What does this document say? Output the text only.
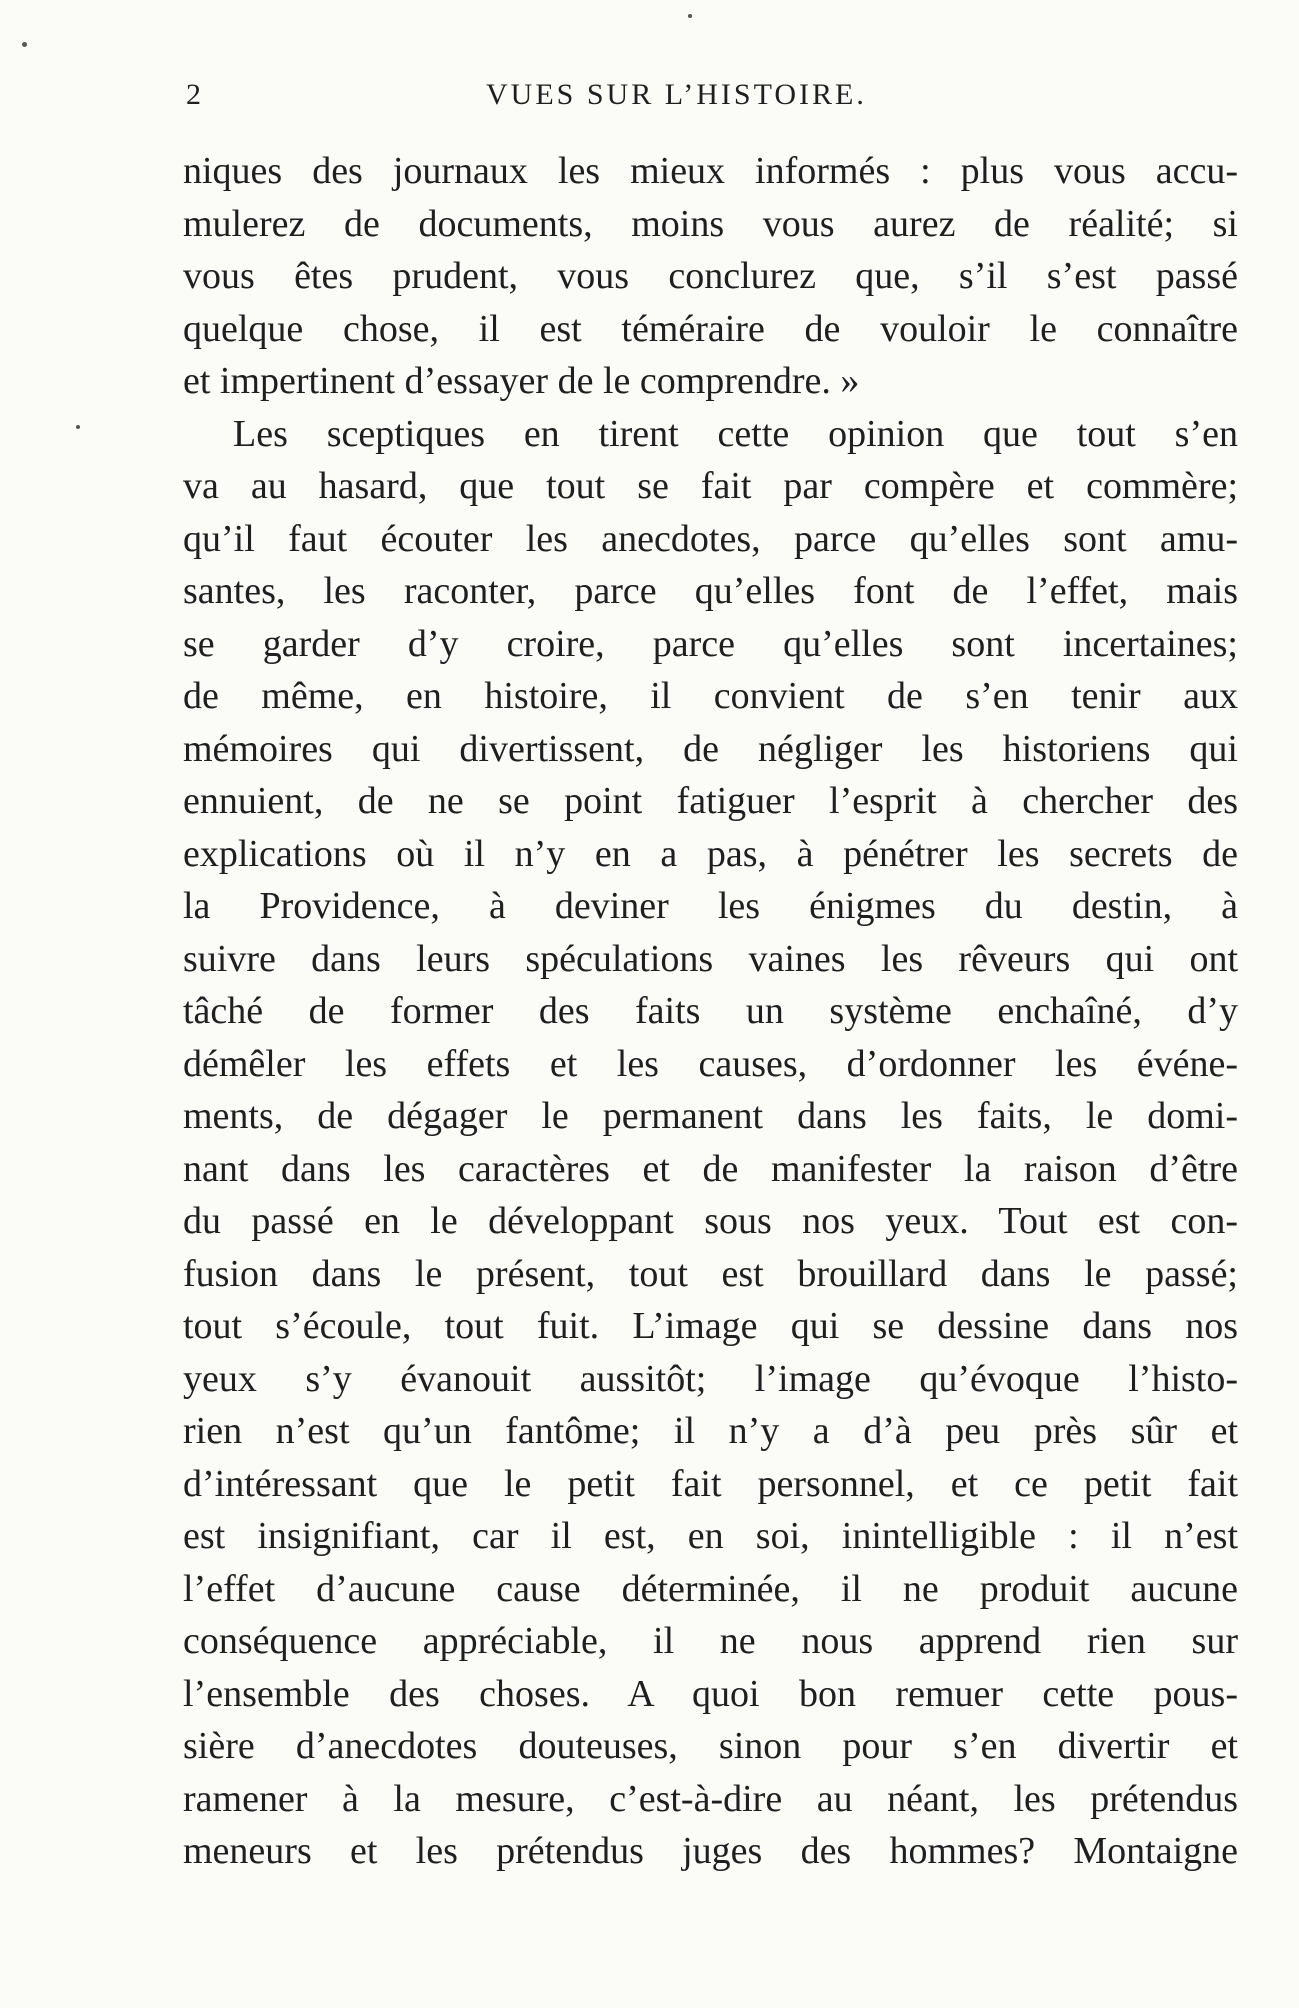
2	VUES SUR L’HISTOIRE.
niques des journaux les mieux informés : plus vous accu-
mulerez de documents, moins vous aurez de réalité; si
vous êtes prudent, vous conclurez que, s’il s’est passé
quelque chose, il est téméraire de vouloir le connaître
et impertinent d’essayer de le comprendre. »
Les sceptiques en tirent cette opinion que tout s’en
va au hasard, que tout se fait par compère et commère;
qu’il faut écouter les anecdotes, parce qu’elles sont amu-
santes, les raconter, parce qu’elles font de l’effet, mais
se garder d’y croire, parce qu’elles sont incertaines;
de même, en histoire, il convient de s’en tenir aux
mémoires qui divertissent, de négliger les historiens qui
ennuient, de ne se point fatiguer l’esprit à chercher des
explications où il n’y en a pas, à pénétrer les secrets de
la Providence, à deviner les énigmes du destin, à
suivre dans leurs spéculations vaines les rêveurs qui ont
tâché de former des faits un système enchaîné, d’y
démêler les effets et les causes, d’ordonner les événe-
ments, de dégager le permanent dans les faits, le domi-
nant dans les caractères et de manifester la raison d’être
du passé en le développant sous nos yeux. Tout est con-
fusion dans le présent, tout est brouillard dans le passé;
tout s’écoule, tout fuit. L’image qui se dessine dans nos
yeux s’y évanouit aussitôt; l’image qu’évoque l’histo-
rien n’est qu’un fantôme; il n’y a d’à peu près sûr et
d’intéressant que le petit fait personnel, et ce petit fait
est insignifiant, car il est, en soi, inintelligible : il n’est
l’effet d’aucune cause déterminée, il ne produit aucune
conséquence appréciable, il ne nous apprend rien sur
l’ensemble des choses. A quoi bon remuer cette pous-
sière d’anecdotes douteuses, sinon pour s’en divertir et
ramener à la mesure, c’est-à-dire au néant, les prétendus
meneurs et les prétendus juges des hommes? Montaigne
